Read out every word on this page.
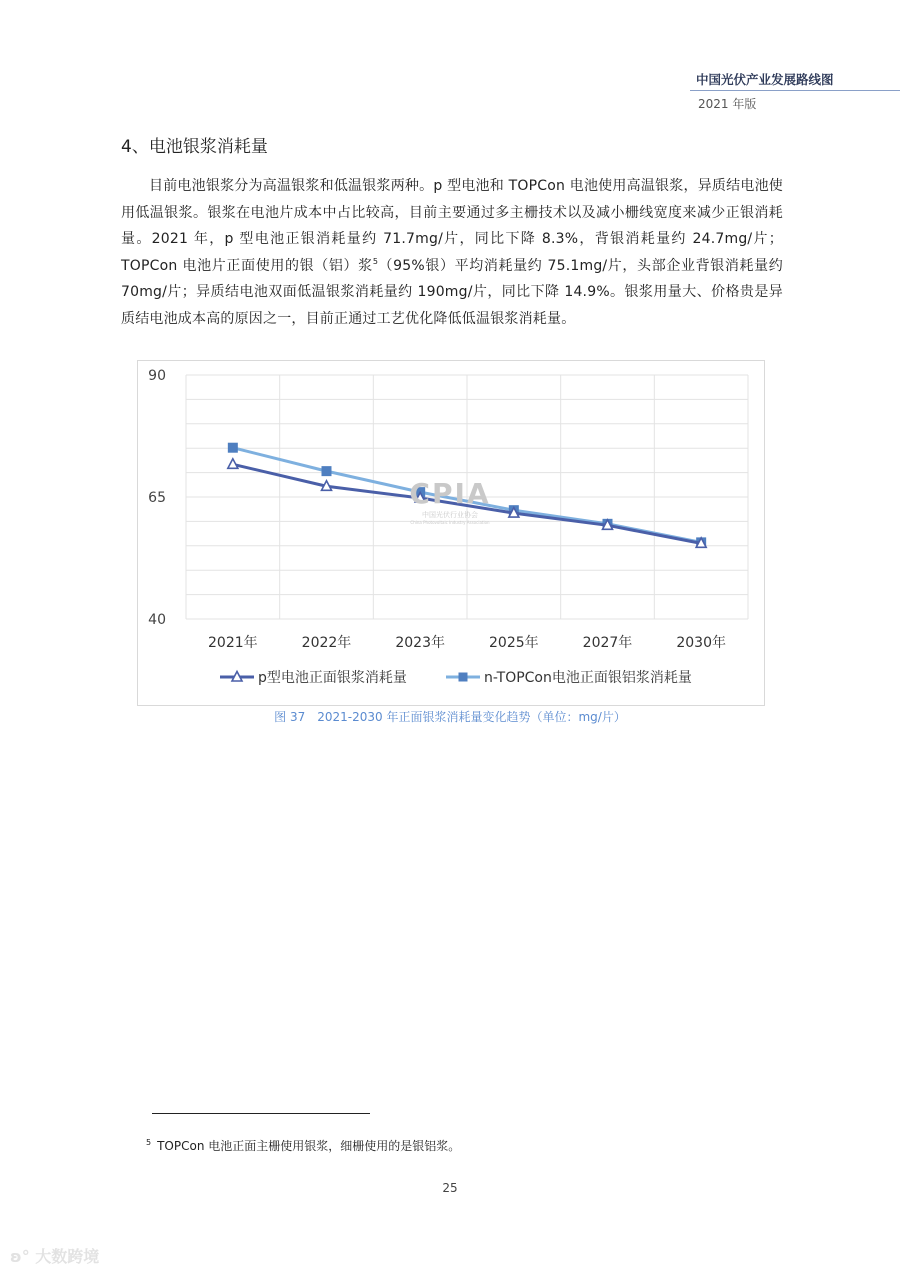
中国光伏产业发展路线图
2021 年版
4、电池银浆消耗量

目前电池银浆分为高温银浆和低温银浆两种。p 型电池和 TOPCon 电池使用高温银浆，异质结电池使用低温银浆。银浆在电池片成本中占比较高，目前主要通过多主栅技术以及减小栅线宽度来减少正银消耗量。2021 年，p 型电池正银消耗量约 71.7mg/片，同比下降 8.3%，背银消耗量约 24.7mg/片；TOPCon 电池片正面使用的银（铝）浆$^5$（95%银）平均消耗量约 75.1mg/片，头部企业背银消耗量约 70mg/片；异质结电池双面低温银浆消耗量约 190mg/片，同比下降 14.9%。银浆用量大、价格贵是异质结电池成本高的原因之一，目前正通过工艺优化降低低温银浆消耗量。

40
65
90
2021年	2022年	2023年	2025年	2027年	2030年
p型电池正面银浆消耗量	n-TOPCon电池正面银铝浆消耗量
CPIA
中国光伏行业协会
China Photovoltaic Industry Association
图 37　2021-2030 年正面银浆消耗量变化趋势（单位：mg/片）
$^5$ TOPCon 电池正面主栅使用银浆，细栅使用的是银铝浆。
25
ʚ° 大数跨境
